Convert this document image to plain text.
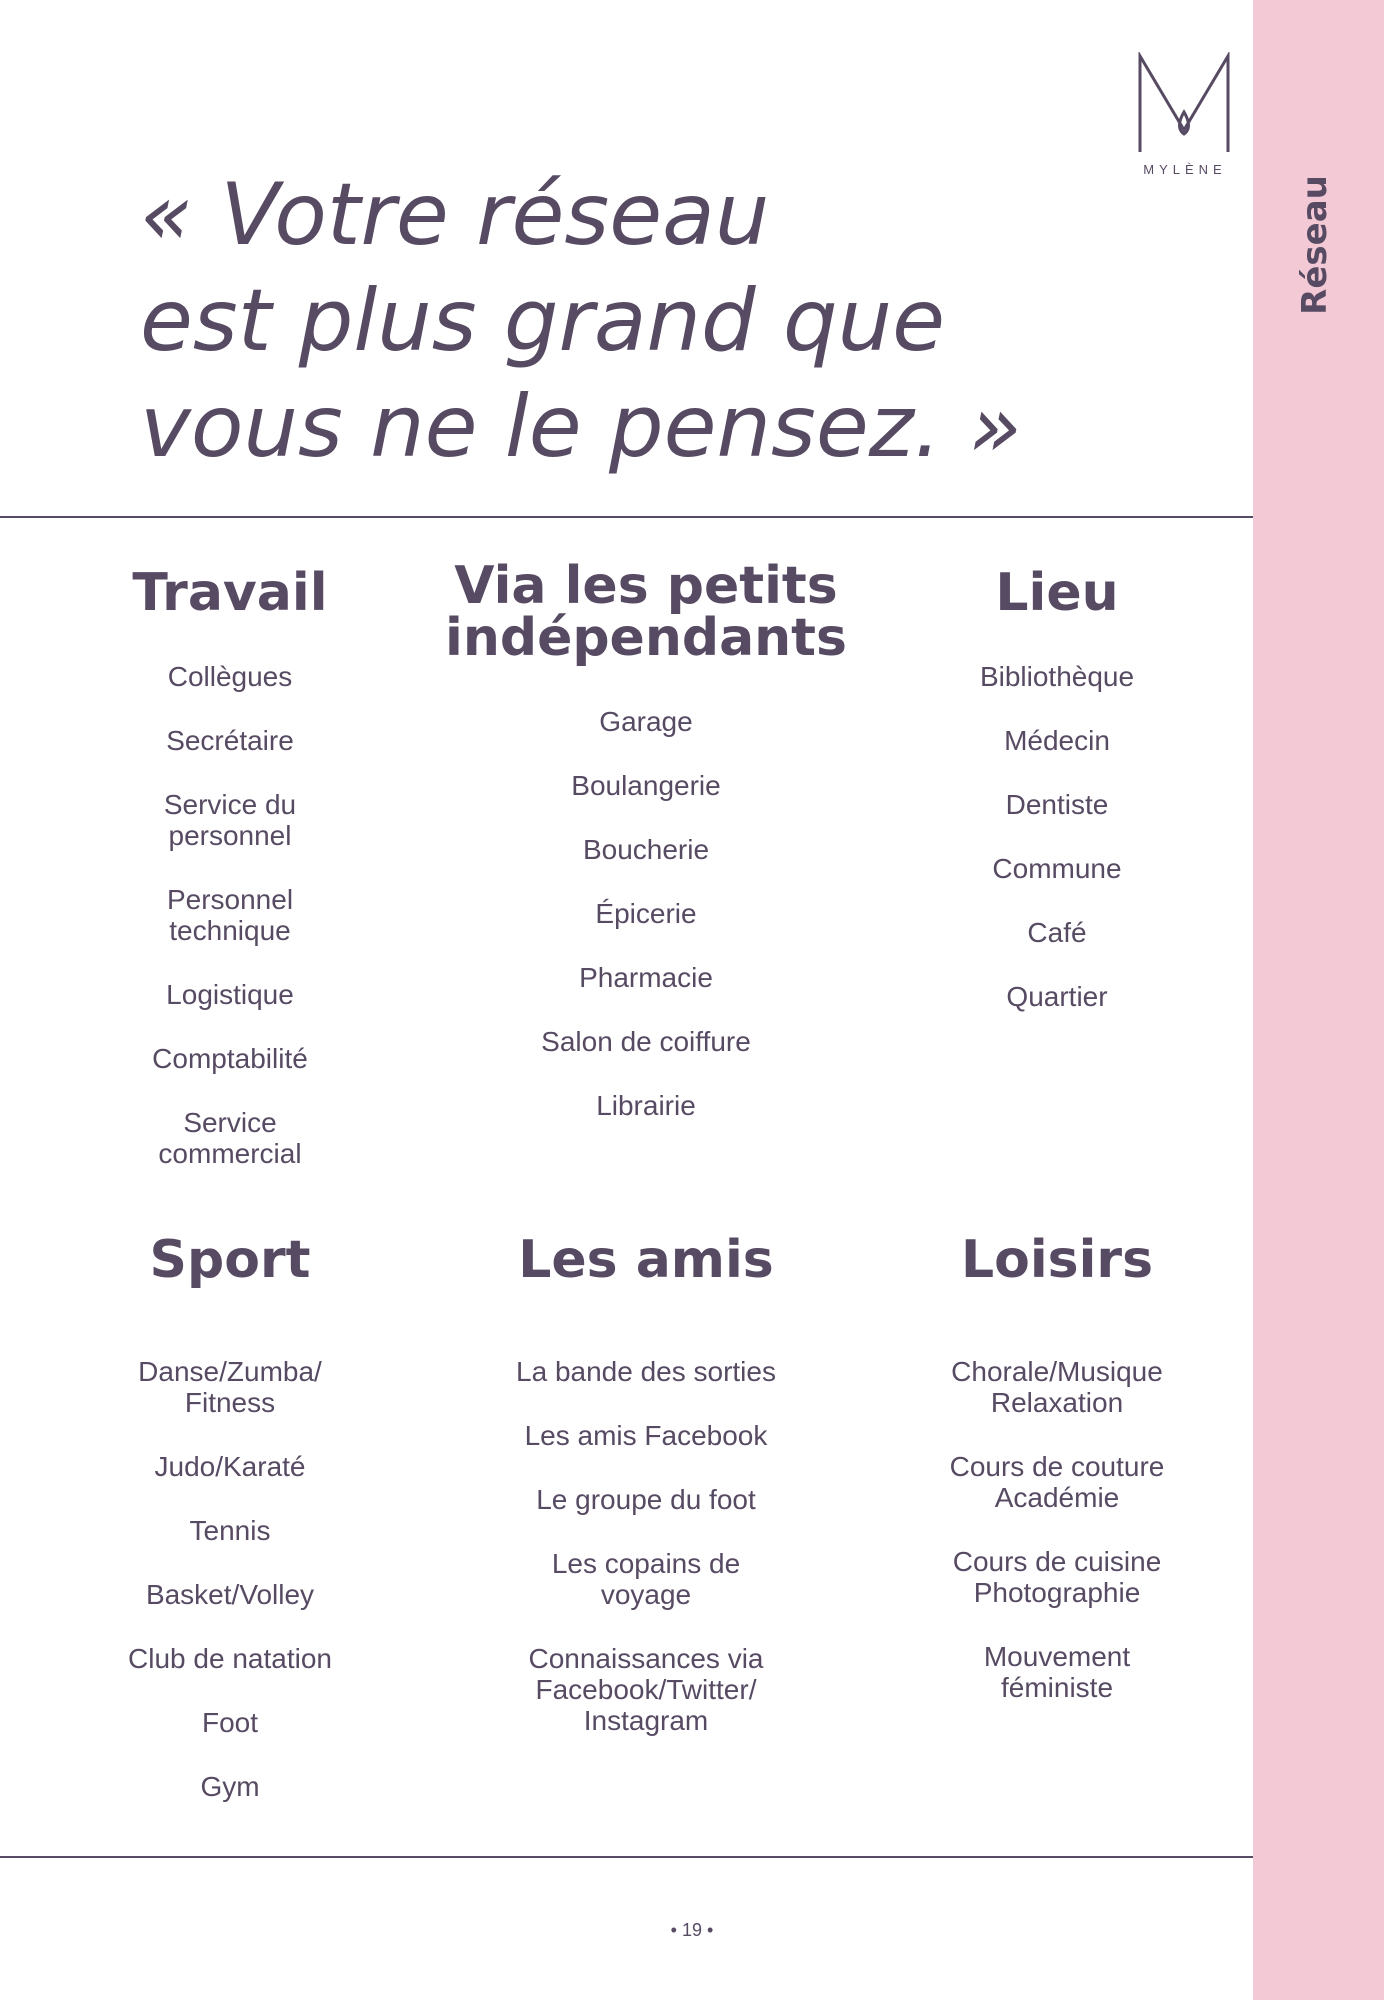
Réseau
MYLÈNE
« Votre réseau
est plus grand que
vous ne le pensez. »
Travail
Collègues
Secrétaire
Service du
personnel
Personnel
technique
Logistique
Comptabilité
Service
commercial
Via les petits
indépendants
Garage
Boulangerie
Boucherie
Épicerie
Pharmacie
Salon de coiffure
Librairie
Lieu
Bibliothèque
Médecin
Dentiste
Commune
Café
Quartier
Sport
Danse/Zumba/
Fitness
Judo/Karaté
Tennis
Basket/Volley
Club de natation
Foot
Gym
Les amis
La bande des sorties
Les amis Facebook
Le groupe du foot
Les copains de
voyage
Connaissances via
Facebook/Twitter/
Instagram
Loisirs
Chorale/Musique
Relaxation
Cours de couture
Académie
Cours de cuisine
Photographie
Mouvement
féministe
• 19 •
